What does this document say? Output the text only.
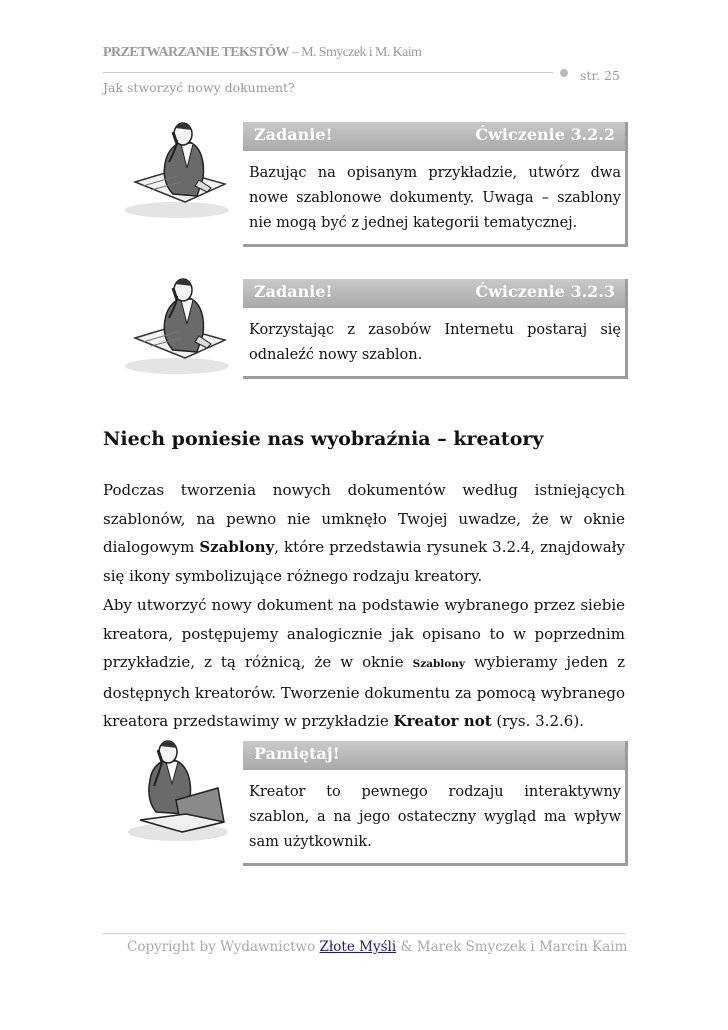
PRZETWARZANIE TEKSTÓW – M. Smyczek i M. Kaim
str. 25
Jak stworzyć nowy dokument?
Zadanie!	Ćwiczenie 3.2.2
Bazując na opisanym przykładzie, utwórz dwa nowe szablonowe dokumenty. Uwaga – szablony nie mogą być z jednej kategorii tematycznej.
Zadanie!	Ćwiczenie 3.2.3
Korzystając z zasobów Internetu postaraj się odnaleźć nowy szablon.
Niech poniesie nas wyobraźnia – kreatory
Podczas tworzenia nowych dokumentów według istniejących szablonów, na pewno nie umknęło Twojej uwadze, że w oknie dialogowym Szablony, które przedstawia rysunek 3.2.4, znajdowały się ikony symbolizujące różnego rodzaju kreatory.
Aby utworzyć nowy dokument na podstawie wybranego przez siebie kreatora, postępujemy analogicznie jak opisano to w poprzednim przykładzie, z tą różnicą, że w oknie Szablony wybieramy jeden z dostępnych kreatorów. Tworzenie dokumentu za pomocą wybranego kreatora przedstawimy w przykładzie Kreator not (rys. 3.2.6).
Pamiętaj!
Kreator to pewnego rodzaju interaktywny szablon, a na jego ostateczny wygląd ma wpływ sam użytkownik.
Copyright by Wydawnictwo Złote Myśli & Marek Smyczek i Marcin Kaim
